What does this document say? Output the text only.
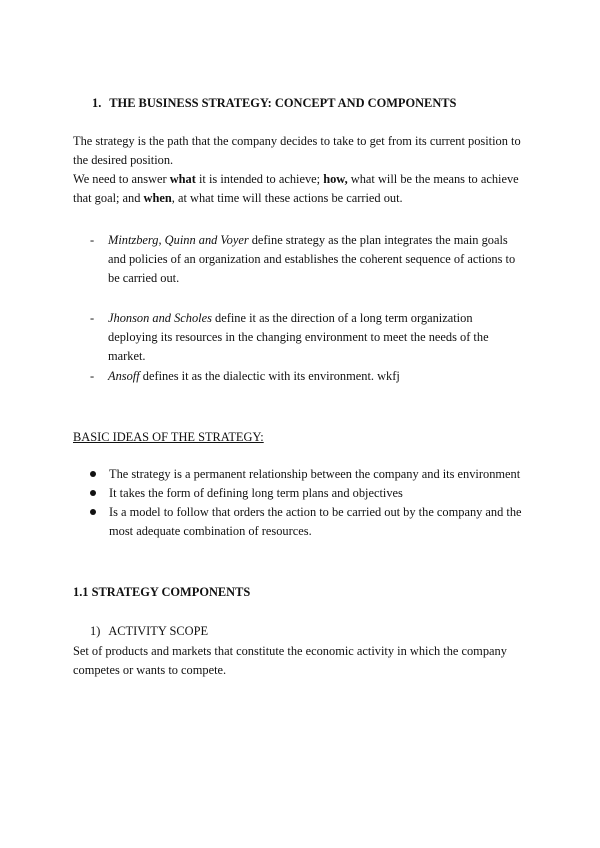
1. THE BUSINESS STRATEGY: CONCEPT AND COMPONENTS
The strategy is the path that the company decides to take to get from its current position to the desired position.
We need to answer what it is intended to achieve; how, what will be the means to achieve that goal; and when, at what time will these actions be carried out.
- Mintzberg, Quinn and Voyer define strategy as the plan integrates the main goals and policies of an organization and establishes the coherent sequence of actions to be carried out.
- Jhonson and Scholes define it as the direction of a long term organization deploying its resources in the changing environment to meet the needs of the market.
- Ansoff defines it as the dialectic with its environment. wkfj
BASIC IDEAS OF THE STRATEGY:
The strategy is a permanent relationship between the company and its environment
It takes the form of defining long term plans and objectives
Is a model to follow that orders the action to be carried out by the company and the most adequate combination of resources.
1.1 STRATEGY COMPONENTS
1) ACTIVITY SCOPE
Set of products and markets that constitute the economic activity in which the company competes or wants to compete.
